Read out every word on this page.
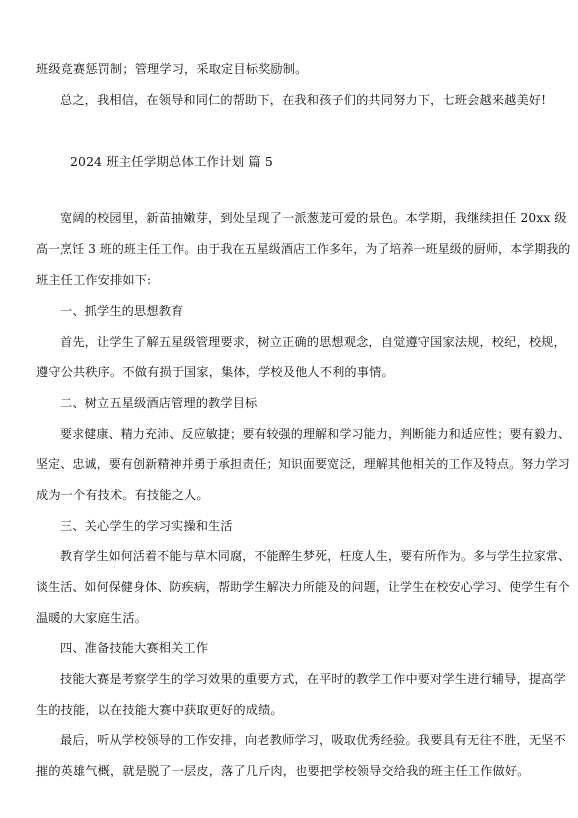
班级竞赛惩罚制；管理学习，采取定目标奖励制。
总之，我相信，在领导和同仁的帮助下，在我和孩子们的共同努力下，七班会越来越美好!
2024 班主任学期总体工作计划 篇 5
宽阔的校园里，新苗抽嫩芽，到处呈现了一派葱茏可爱的景色。本学期，我继续担任 20xx 级
高一烹饪 3 班的班主任工作。由于我在五星级酒店工作多年，为了培养一班星级的厨师，本学期我的
班主任工作安排如下:
一、抓学生的思想教育
首先，让学生了解五星级管理要求，树立正确的思想观念，自觉遵守国家法规，校纪，校规，
遵守公共秩序。不做有损于国家，集体，学校及他人不利的事情。
二、树立五星级酒店管理的教学目标
要求健康、精力充沛、反应敏捷；要有较强的理解和学习能力，判断能力和适应性；要有毅力、
坚定、忠诚，要有创新精神并勇于承担责任；知识面要宽泛，理解其他相关的工作及特点。努力学习
成为一个有技术。有技能之人。
三、关心学生的学习实操和生活
教育学生如何活着不能与草木同腐，不能醉生梦死，枉度人生，要有所作为。多与学生拉家常、
谈生活、如何保健身体、防疾病，帮助学生解决力所能及的问题，让学生在校安心学习、使学生有个
温暖的大家庭生活。
四、准备技能大赛相关工作
技能大赛是考察学生的学习效果的重要方式，在平时的教学工作中要对学生进行辅导，提高学
生的技能，以在技能大赛中获取更好的成绩。
最后，听从学校领导的工作安排，向老教师学习，吸取优秀经验。我要具有无往不胜，无坚不
摧的英雄气概，就是脱了一层皮，落了几斤肉，也要把学校领导交给我的班主任工作做好。
